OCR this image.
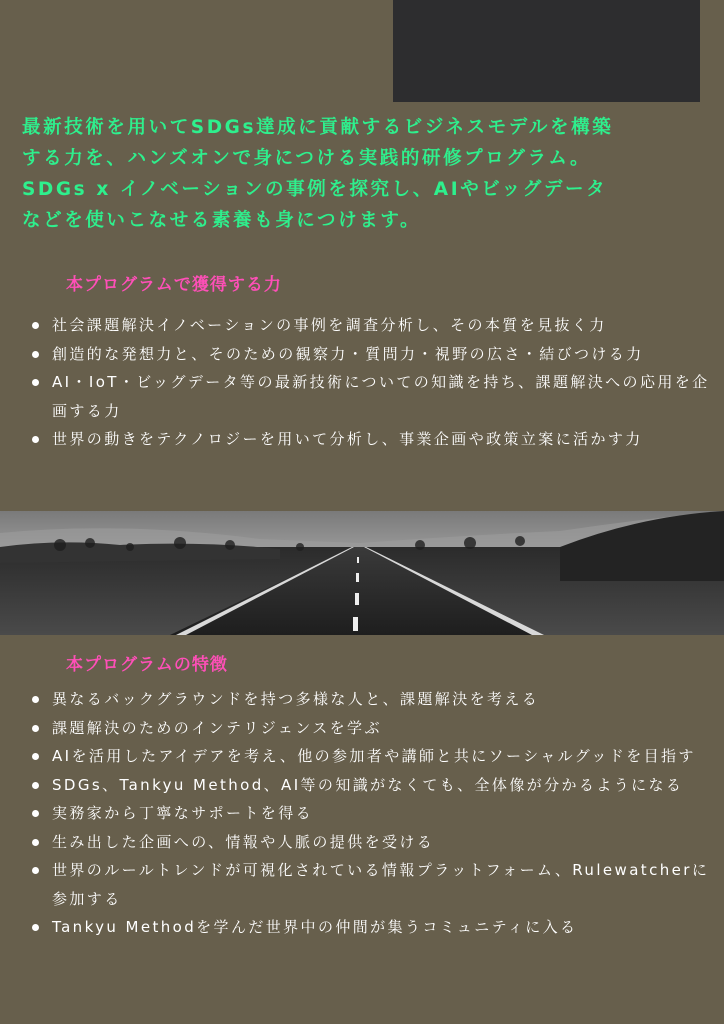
最新技術を用いてSDGs達成に貢献するビジネスモデルを構築
する力を、ハンズオンで身につける実践的研修プログラム。
SDGs x イノベーションの事例を探究し、AIやビッグデータ
などを使いこなせる素養も身につけます。

本プログラムで獲得する力
社会課題解決イノベーションの事例を調査分析し、その本質を見抜く力
創造的な発想力と、そのための観察力・質問力・視野の広さ・結びつける力
AI・IoT・ビッグデータ等の最新技術についての知識を持ち、課題解決への応用を企画する力
世界の動きをテクノロジーを用いて分析し、事業企画や政策立案に活かす力
本プログラムの特徴
異なるバックグラウンドを持つ多様な人と、課題解決を考える
課題解決のためのインテリジェンスを学ぶ
AIを活用したアイデアを考え、他の参加者や講師と共にソーシャルグッドを目指す
SDGs、Tankyu Method、AI等の知識がなくても、全体像が分かるようになる
実務家から丁寧なサポートを得る
生み出した企画への、情報や人脈の提供を受ける
世界のルールトレンドが可視化されている情報プラットフォーム、Rulewatcherに参加する
Tankyu Methodを学んだ世界中の仲間が集うコミュニティに入る
